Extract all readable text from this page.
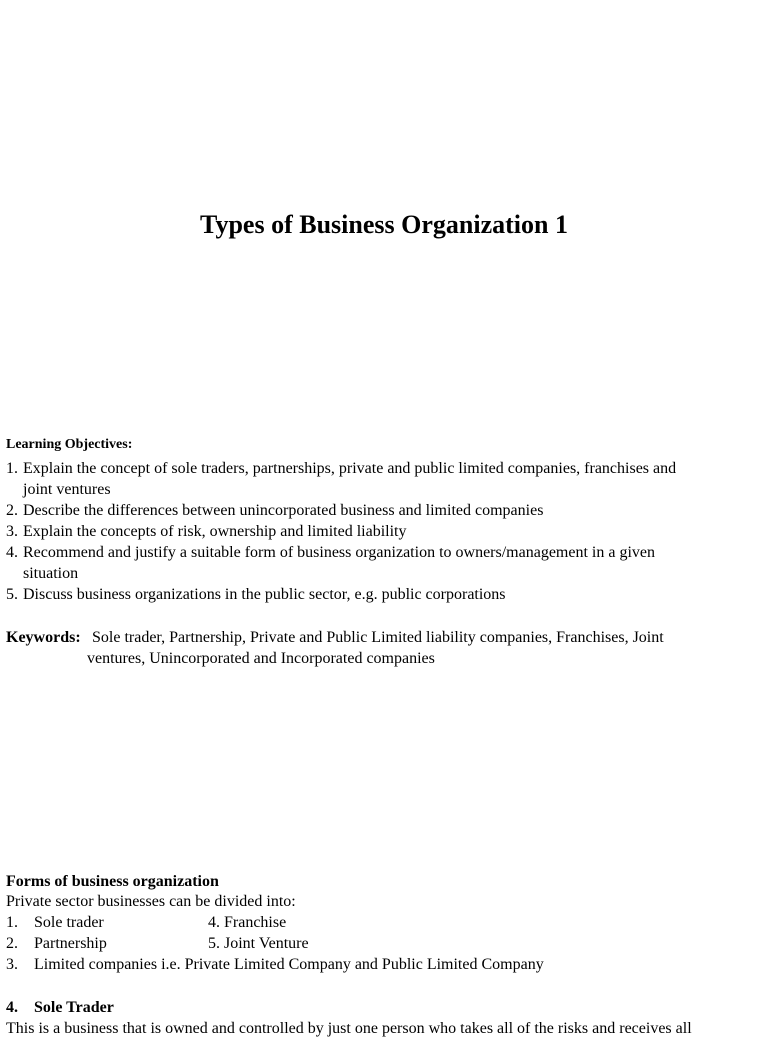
Types of Business Organization 1
Learning Objectives:
1. Explain the concept of sole traders, partnerships, private and public limited companies, franchises and
joint ventures
2. Describe the differences between unincorporated business and limited companies
3. Explain the concepts of risk, ownership and limited liability
4. Recommend and justify a suitable form of business organization to owners/management in a given
situation
5. Discuss business organizations in the public sector, e.g. public corporations
Keywords: Sole trader, Partnership, Private and Public Limited liability companies, Franchises, Joint
ventures, Unincorporated and Incorporated companies
Forms of business organization
Private sector businesses can be divided into:
1. Sole trader	4. Franchise
2. Partnership	5. Joint Venture
3. Limited companies i.e. Private Limited Company and Public Limited Company
4. Sole Trader
This is a business that is owned and controlled by just one person who takes all of the risks and receives all
